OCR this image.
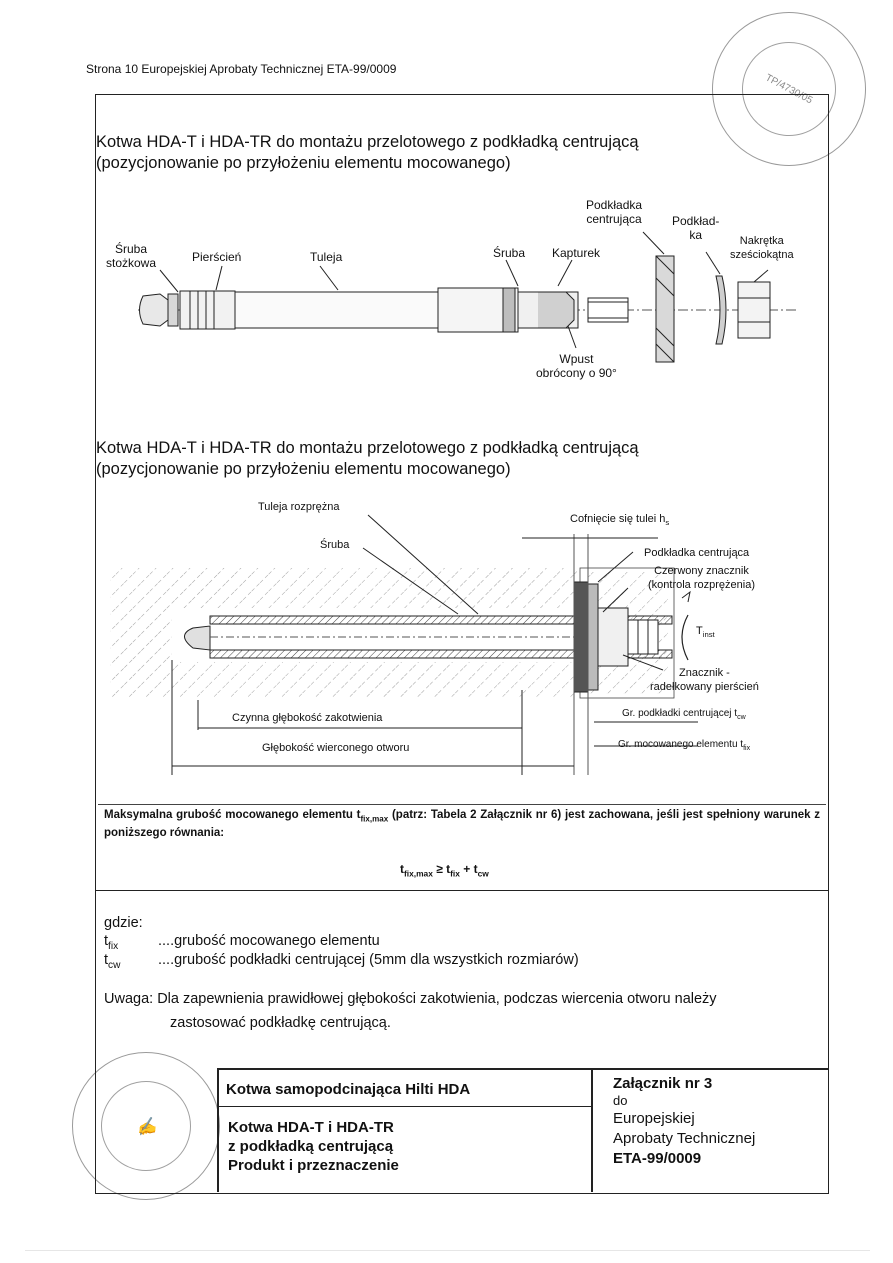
Strona 10 Europejskiej Aprobaty Technicznej ETA-99/0009
TP/4730/05
✍
Kotwa HDA-T i HDA-TR do montażu przelotowego z podkładką centrującą
(pozycjonowanie po przyłożeniu elementu mocowanego)
Śruba
stożkowa	Pierścień	Tuleja	Śruba Kapturek
Podkładka
centrująca	Podkład-
ka	Nakrętka
sześciokątna
Wpust
obrócony o 90°
Kotwa HDA-T i HDA-TR do montażu przelotowego z podkładką centrującą
(pozycjonowanie po przyłożeniu elementu mocowanego)
Tuleja rozprężna
Śruba
Cofnięcie się tulei $h_s$
Podkładka centrująca
Czerwony znacznik
(kontrola rozprężenia)
$T_{inst}$
Znacznik -
radełkowany pierścień
Czynna głębokość zakotwienia	Gr. podkładki centrującej $t_{cw}$
Głębokość wierconego otworu	Gr. mocowanego elementu $t_{fix}$
Maksymalna grubość mocowanego elementu $t_{fix,max}$ (patrz: Tabela 2 Załącznik nr 6) jest zachowana, jeśli jest spełniony warunek z poniższego równania:
$t_{fix,max} \ge t_{fix} + t_{cw}$
gdzie:
$t_{fix}$	....grubość mocowanego elementu
$t_{cw}$	....grubość podkładki centrującej (5mm dla wszystkich rozmiarów)
Uwaga: Dla zapewnienia prawidłowej głębokości zakotwienia, podczas wiercenia otworu należy
zastosować podkładkę centrującą.
Kotwa samopodcinająca Hilti HDA
Kotwa HDA-T i HDA-TR
z podkładką centrującą
Produkt i przeznaczenie
Załącznik nr 3
do
Europejskiej
Aprobaty Technicznej
ETA-99/0009
